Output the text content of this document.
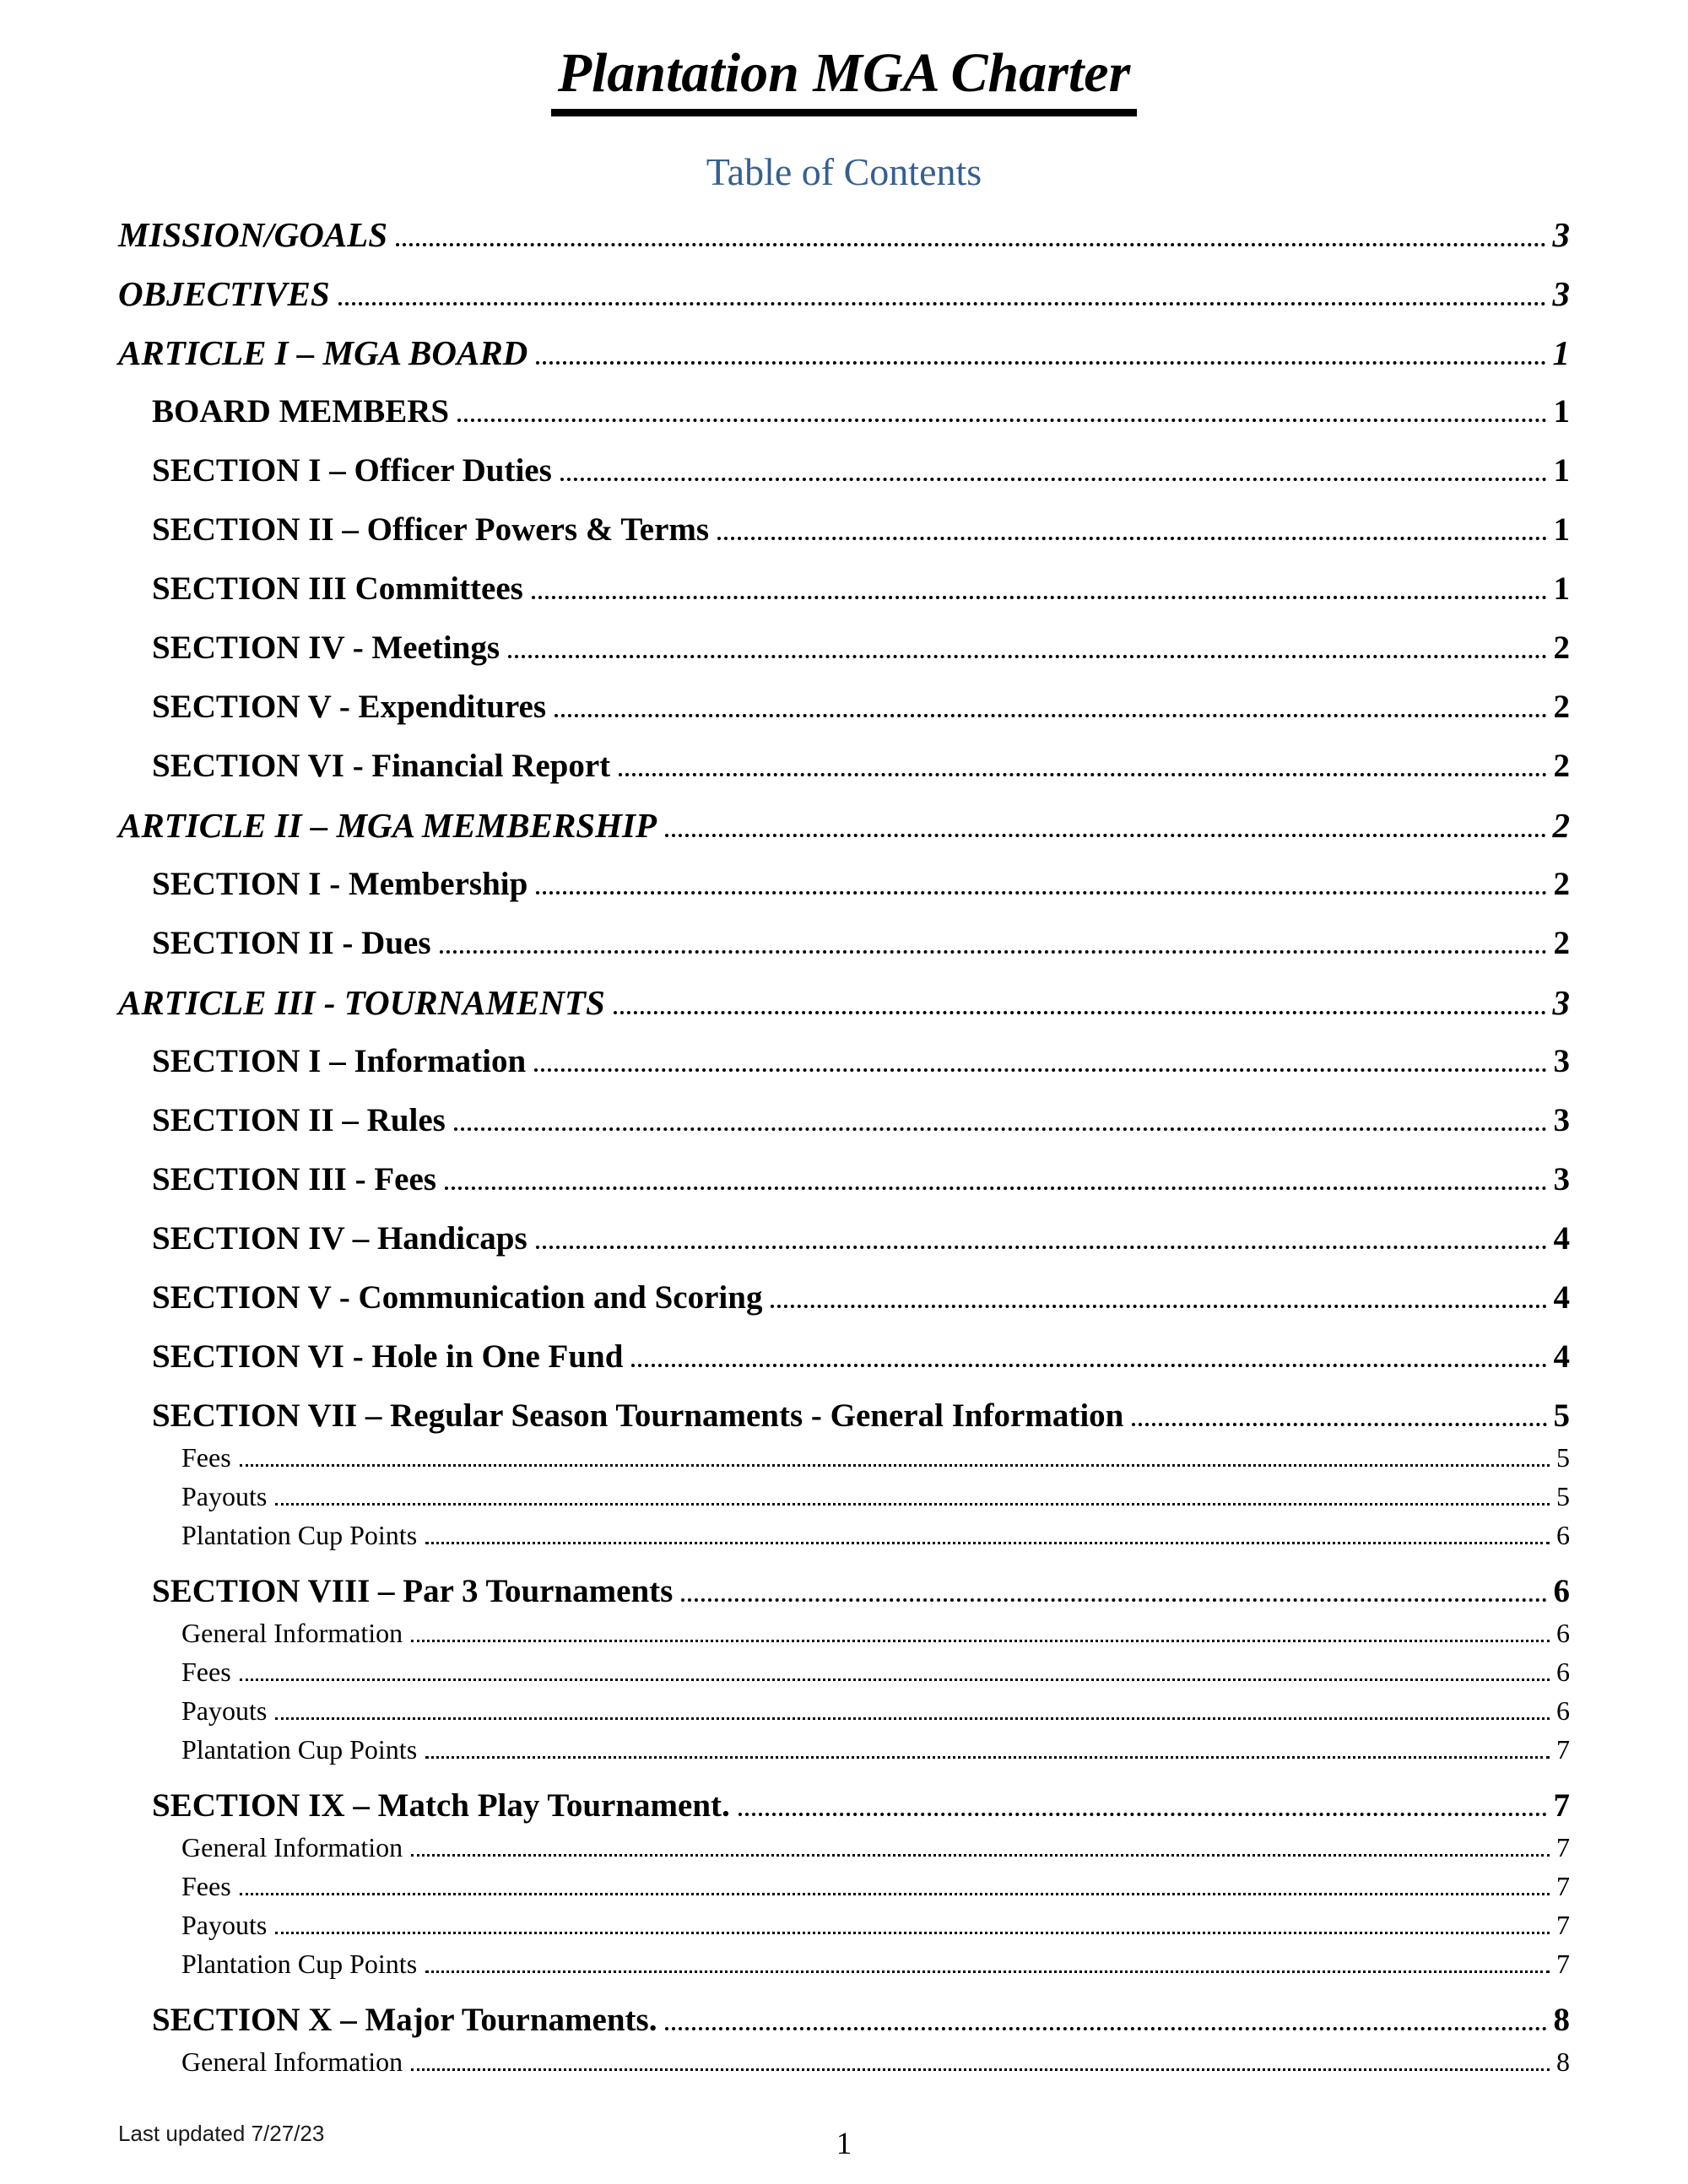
Plantation MGA Charter
Table of Contents
MISSION/GOALS	3
OBJECTIVES	3
ARTICLE I – MGA BOARD	1
BOARD MEMBERS	1
SECTION I – Officer Duties	1
SECTION II – Officer Powers & Terms	1
SECTION III Committees	1
SECTION IV - Meetings	2
SECTION V - Expenditures	2
SECTION VI - Financial Report	2
ARTICLE II – MGA MEMBERSHIP	2
SECTION I - Membership	2
SECTION II - Dues	2
ARTICLE III - TOURNAMENTS	3
SECTION I – Information	3
SECTION II – Rules	3
SECTION III - Fees	3
SECTION IV – Handicaps	4
SECTION V - Communication and Scoring	4
SECTION VI - Hole in One Fund	4
SECTION VII – Regular Season Tournaments - General Information	5
Fees	5
Payouts	5
Plantation Cup Points	6
SECTION VIII – Par 3 Tournaments	6
General Information	6
Fees	6
Payouts	6
Plantation Cup Points	7
SECTION IX – Match Play Tournament.	7
General Information	7
Fees	7
Payouts	7
Plantation Cup Points	7
SECTION X – Major Tournaments.	8
General Information	8
Last updated 7/27/23	1
